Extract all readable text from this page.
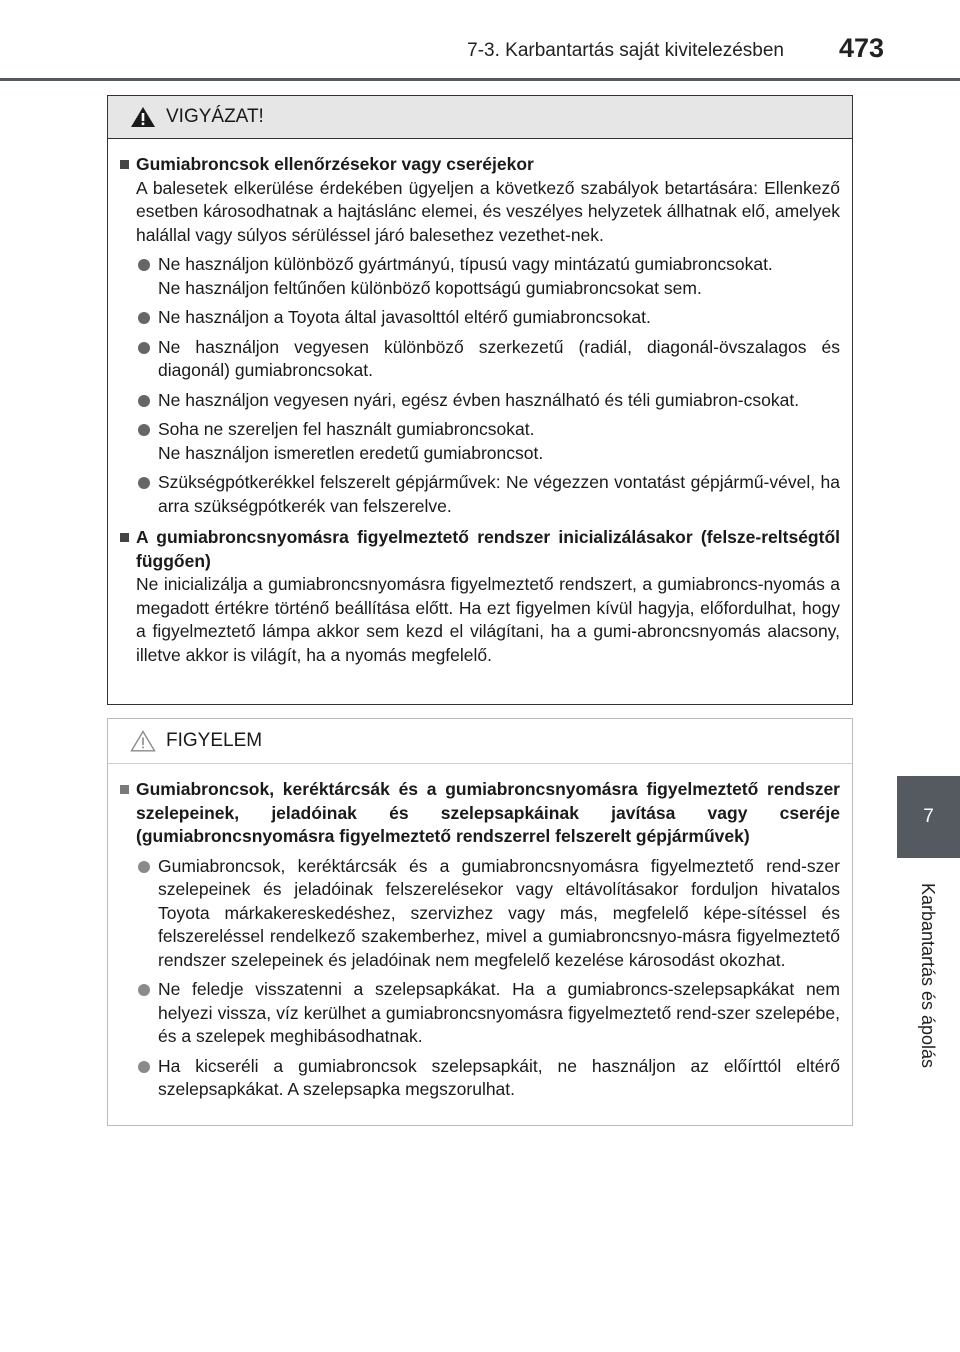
7-3. Karbantartás saját kivitelezésben 473
7
Karbantartás és ápolás
VIGYÁZAT!
Gumiabroncsok ellenőrzésekor vagy cseréjekor
A balesetek elkerülése érdekében ügyeljen a következő szabályok betartására: Ellenkező esetben károsodhatnak a hajtáslánc elemei, és veszélyes helyzetek állhatnak elő, amelyek halállal vagy súlyos sérüléssel járó balesethez vezethet-nek.
Ne használjon különböző gyártmányú, típusú vagy mintázatú gumiabroncsokat.
Ne használjon feltűnően különböző kopottságú gumiabroncsokat sem.
Ne használjon a Toyota által javasolttól eltérő gumiabroncsokat.
Ne használjon vegyesen különböző szerkezetű (radiál, diagonál-övszalagos és diagonál) gumiabroncsokat.
Ne használjon vegyesen nyári, egész évben használható és téli gumiabron-csokat.
Soha ne szereljen fel használt gumiabroncsokat.
Ne használjon ismeretlen eredetű gumiabroncsot.
Szükségpótkerékkel felszerelt gépjárművek: Ne végezzen vontatást gépjármű-vével, ha arra szükségpótkerék van felszerelve.
A gumiabroncsnyomásra figyelmeztető rendszer inicializálásakor (felsze-reltségtől függően)
Ne inicializálja a gumiabroncsnyomásra figyelmeztető rendszert, a gumiabroncs-nyomás a megadott értékre történő beállítása előtt. Ha ezt figyelmen kívül hagyja, előfordulhat, hogy a figyelmeztető lámpa akkor sem kezd el világítani, ha a gumi-abroncsnyomás alacsony, illetve akkor is világít, ha a nyomás megfelelő.
FIGYELEM
Gumiabroncsok, keréktárcsák és a gumiabroncsnyomásra figyelmeztető rendszer szelepeinek, jeladóinak és szelepsapkáinak javítása vagy cseréje (gumiabroncsnyomásra figyelmeztető rendszerrel felszerelt gépjárművek)
Gumiabroncsok, keréktárcsák és a gumiabroncsnyomásra figyelmeztető rend-szer szelepeinek és jeladóinak felszerelésekor vagy eltávolításakor forduljon hivatalos Toyota márkakereskedéshez, szervizhez vagy más, megfelelő képe-sítéssel és felszereléssel rendelkező szakemberhez, mivel a gumiabroncsnyo-másra figyelmeztető rendszer szelepeinek és jeladóinak nem megfelelő kezelése károsodást okozhat.
Ne feledje visszatenni a szelepsapkákat. Ha a gumiabroncs-szelepsapkákat nem helyezi vissza, víz kerülhet a gumiabroncsnyomásra figyelmeztető rend-szer szelepébe, és a szelepek meghibásodhatnak.
Ha kicseréli a gumiabroncsok szelepsapkáit, ne használjon az előírttól eltérő szelepsapkákat. A szelepsapka megszorulhat.
